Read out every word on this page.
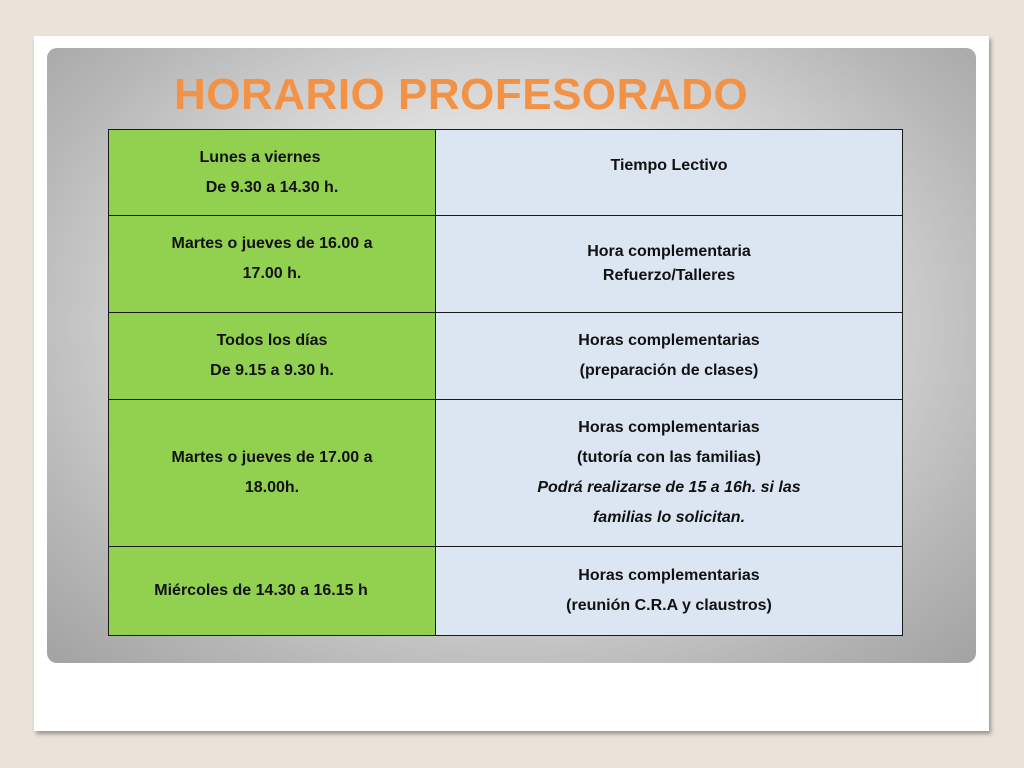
HORARIO PROFESORADO
Lunes a viernes
De 9.30 a 14.30 h.	Tiempo Lectivo

Martes o jueves de 16.00 a
17.00 h.	Hora complementaria
Refuerzo/Talleres

Todos los días
De 9.15 a 9.30 h.	Horas complementarias
(preparación de clases)

Martes o jueves de 17.00 a
18.00h.	Horas complementarias
(tutoría con las familias)
Podrá realizarse de 15 a 16h. si las
familias lo solicitan.

Miércoles de 14.30 a 16.15 h	Horas complementarias
(reunión C.R.A y claustros)
